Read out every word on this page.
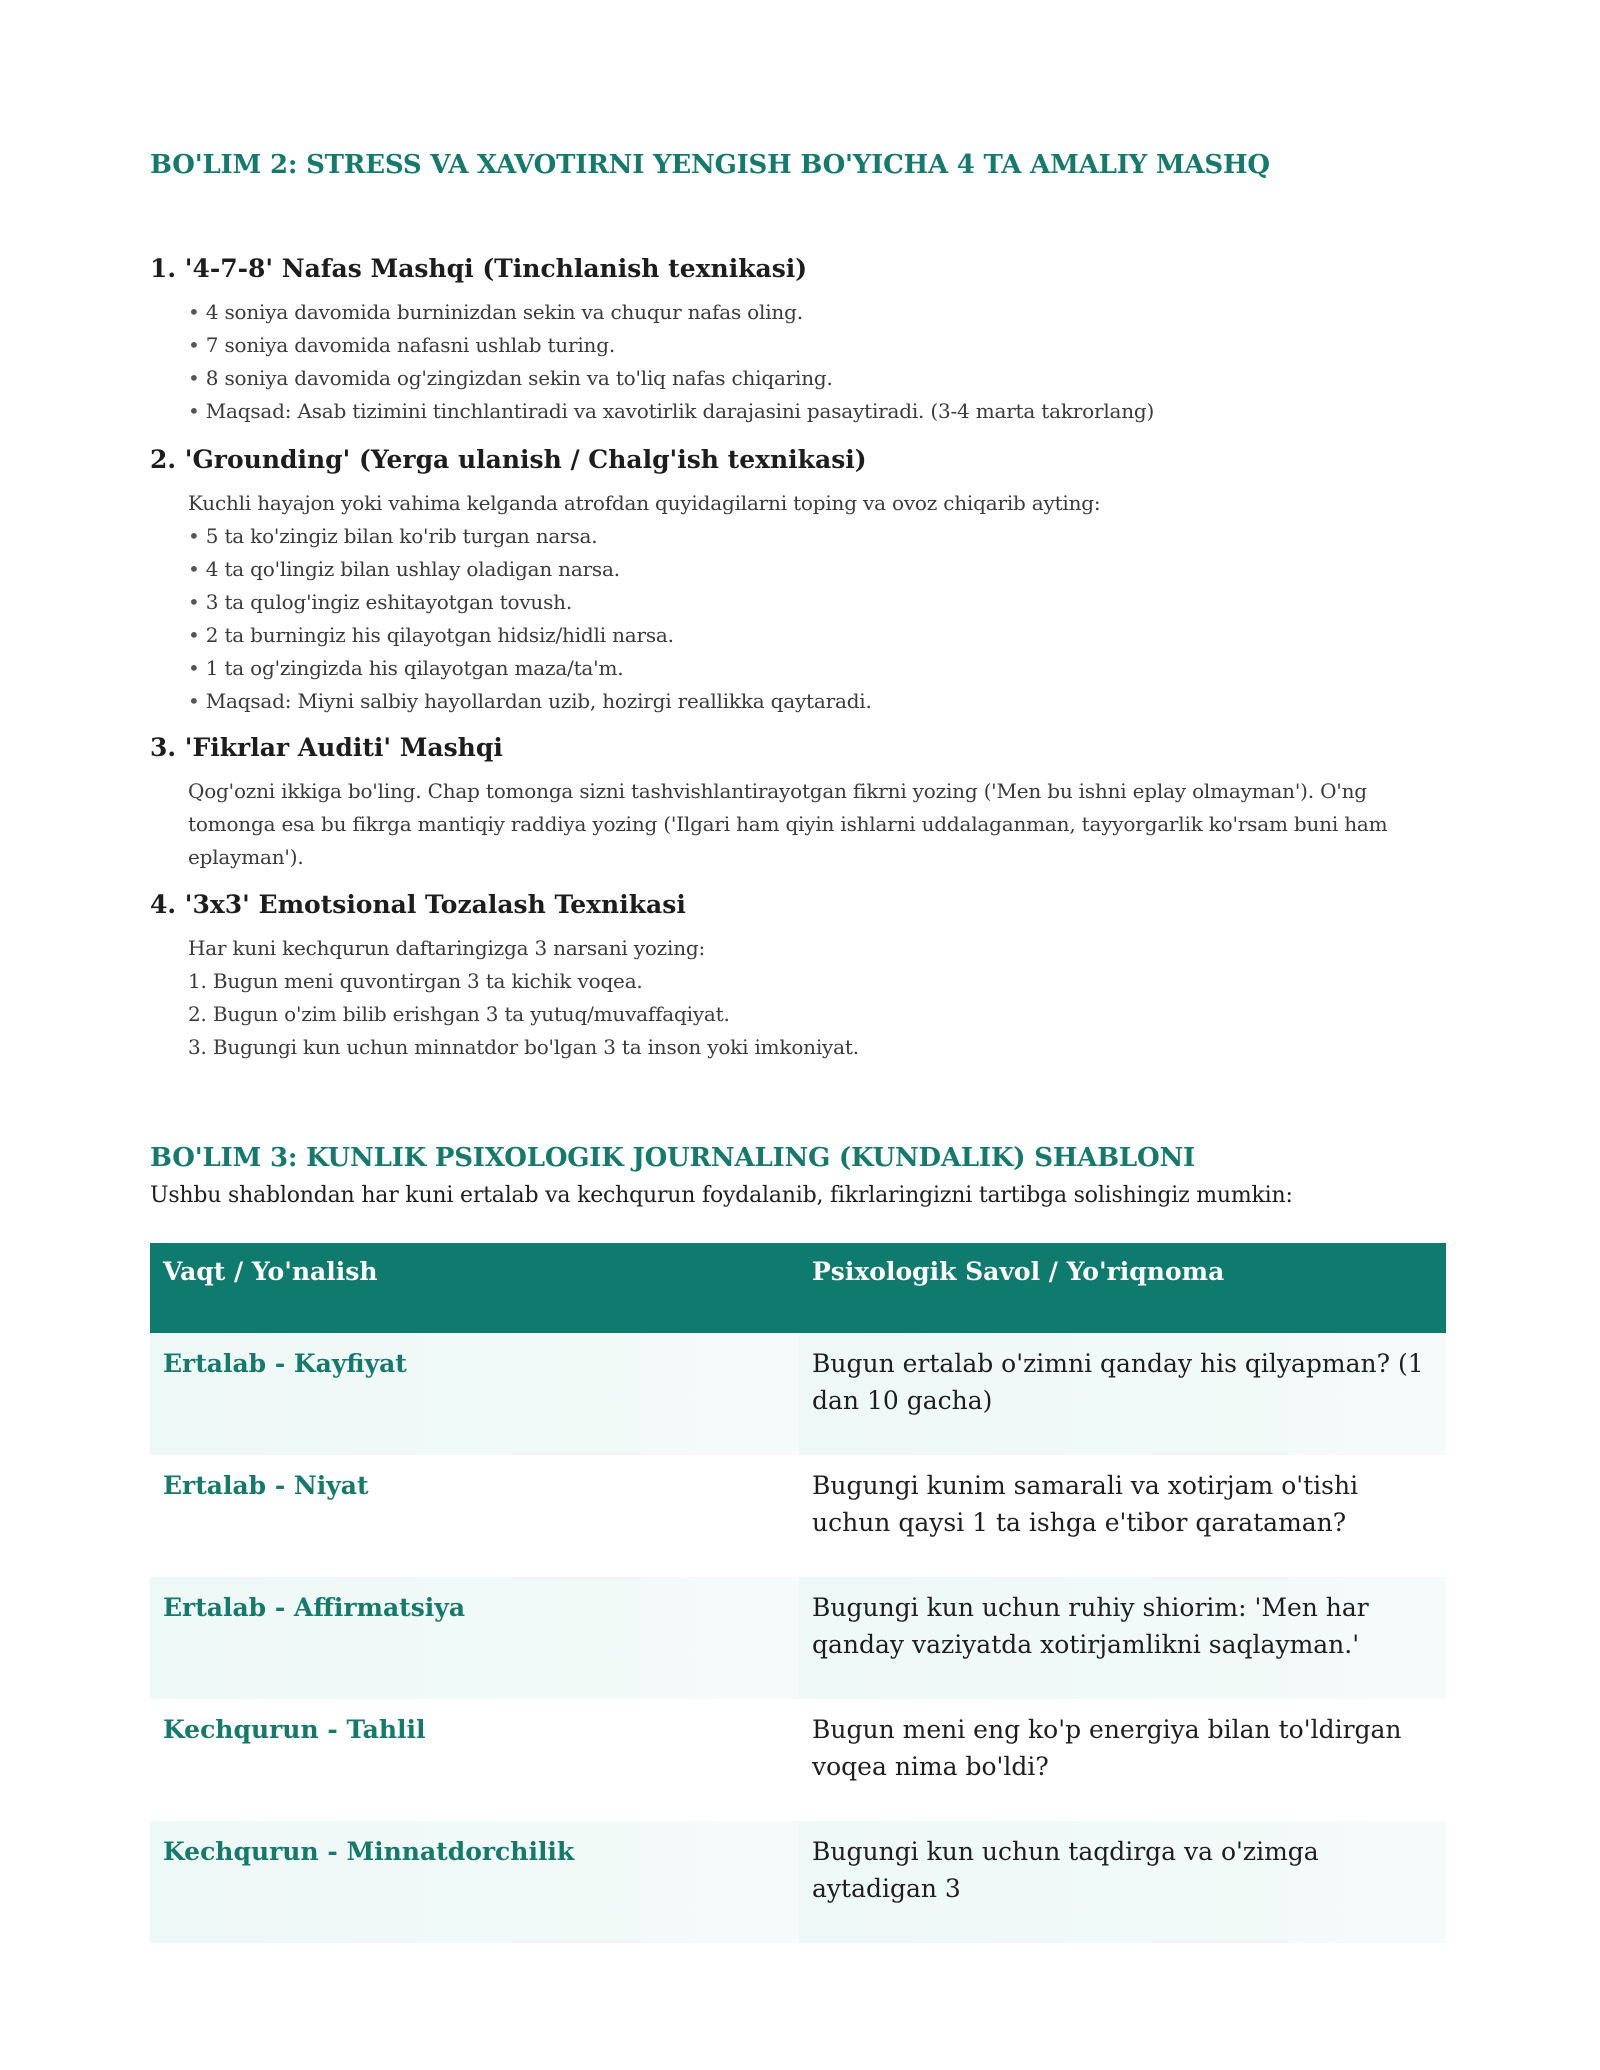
BO'LIM 2: STRESS VA XAVOTIRNI YENGISH BO'YICHA 4 TA AMALIY MASHQ
1. '4-7-8' Nafas Mashqi (Tinchlanish texnikasi)
• 4 soniya davomida burninizdan sekin va chuqur nafas oling.
• 7 soniya davomida nafasni ushlab turing.
• 8 soniya davomida og'zingizdan sekin va to'liq nafas chiqaring.
• Maqsad: Asab tizimini tinchlantiradi va xavotirlik darajasini pasaytiradi. (3-4 marta takrorlang)
2. 'Grounding' (Yerga ulanish / Chalg'ish texnikasi)
Kuchli hayajon yoki vahima kelganda atrofdan quyidagilarni toping va ovoz chiqarib ayting:
• 5 ta ko'zingiz bilan ko'rib turgan narsa.
• 4 ta qo'lingiz bilan ushlay oladigan narsa.
• 3 ta qulog'ingiz eshitayotgan tovush.
• 2 ta burningiz his qilayotgan hidsiz/hidli narsa.
• 1 ta og'zingizda his qilayotgan maza/ta'm.
• Maqsad: Miyni salbiy hayollardan uzib, hozirgi reallikka qaytaradi.
3. 'Fikrlar Auditi' Mashqi

Qog'ozni ikkiga bo'ling. Chap tomonga sizni tashvishlantirayotgan fikrni yozing ('Men bu ishni eplay olmayman'). O'ng tomonga esa bu fikrga mantiqiy raddiya yozing ('Ilgari ham qiyin ishlarni uddalaganman, tayyorgarlik ko'rsam buni ham eplayman').

4. '3x3' Emotsional Tozalash Texnikasi
Har kuni kechqurun daftaringizga 3 narsani yozing:
1. Bugun meni quvontirgan 3 ta kichik voqea.
2. Bugun o'zim bilib erishgan 3 ta yutuq/muvaffaqiyat.
3. Bugungi kun uchun minnatdor bo'lgan 3 ta inson yoki imkoniyat.
BO'LIM 3: KUNLIK PSIXOLOGIK JOURNALING (KUNDALIK) SHABLONI

Ushbu shablondan har kuni ertalab va kechqurun foydalanib, fikrlaringizni tartibga solishingiz mumkin:

Vaqt / Yo'nalish	Psixologik Savol / Yo'riqnoma
Ertalab - Kayfiyat	Bugun ertalab o'zimni qanday his qilyapman? (1 dan 10 gacha)
Ertalab - Niyat	Bugungi kunim samarali va xotirjam o'tishi uchun qaysi 1 ta ishga e'tibor qarataman?
Ertalab - Affirmatsiya	Bugungi kun uchun ruhiy shiorim: 'Men har qanday vaziyatda xotirjamlikni saqlayman.'
Kechqurun - Tahlil	Bugun meni eng ko'p energiya bilan to'ldirgan voqea nima bo'ldi?
Kechqurun - Minnatdorchilik	Bugungi kun uchun taqdirga va o'zimga aytadigan 3
